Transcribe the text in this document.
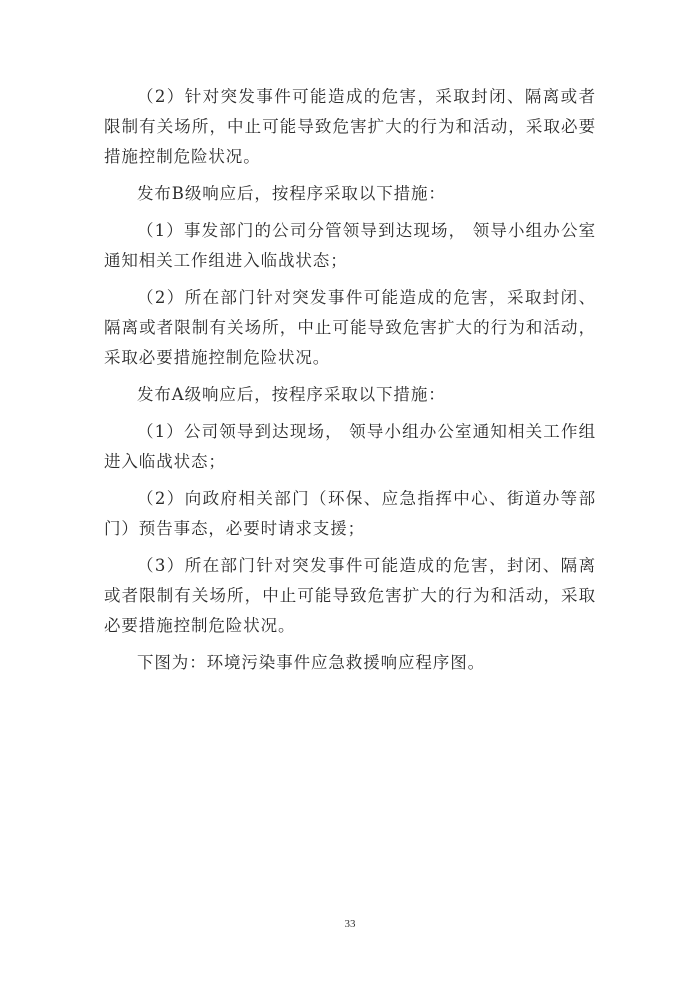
（2）针对突发事件可能造成的危害，采取封闭、隔离或者限制有关场所，中止可能导致危害扩大的行为和活动，采取必要措施控制危险状况。

发布B级响应后，按程序采取以下措施：

（1）事发部门的公司分管领导到达现场， 领导小组办公室通知相关工作组进入临战状态；

（2）所在部门针对突发事件可能造成的危害，采取封闭、隔离或者限制有关场所，中止可能导致危害扩大的行为和活动，采取必要措施控制危险状况。

发布A级响应后，按程序采取以下措施：

（1）公司领导到达现场， 领导小组办公室通知相关工作组进入临战状态；

（2）向政府相关部门（环保、应急指挥中心、街道办等部门）预告事态，必要时请求支援；

（3）所在部门针对突发事件可能造成的危害，封闭、隔离或者限制有关场所，中止可能导致危害扩大的行为和活动，采取必要措施控制危险状况。

下图为：环境污染事件应急救援响应程序图。

33
